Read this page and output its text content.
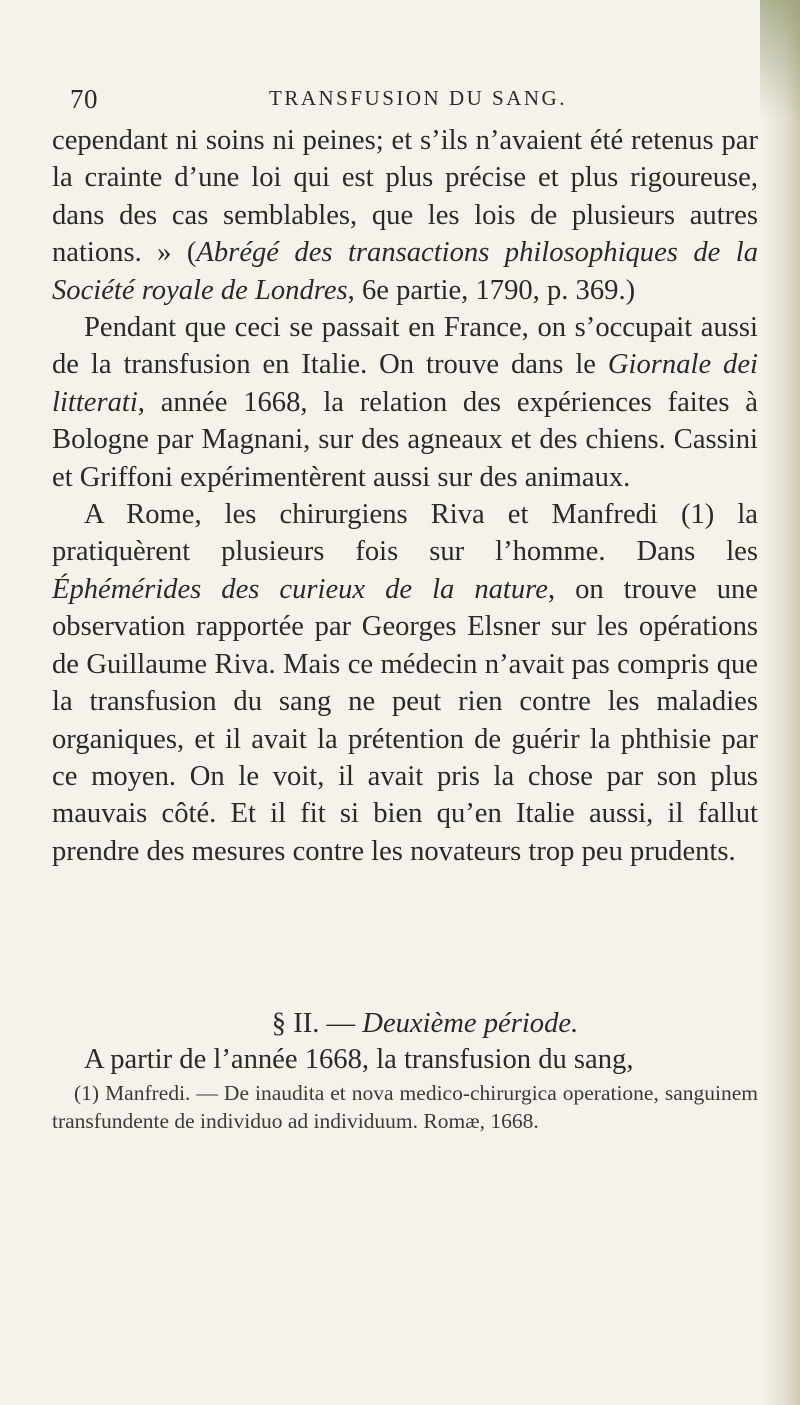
70	TRANSFUSION DU SANG.

cependant ni soins ni peines; et s’ils n’avaient été retenus par la crainte d’une loi qui est plus précise et plus rigoureuse, dans des cas semblables, que les lois de plusieurs autres nations. » (Abrégé des transactions philosophiques de la Société royale de Londres, 6e partie, 1790, p. 369.)

Pendant que ceci se passait en France, on s’occupait aussi de la transfusion en Italie. On trouve dans le Giornale dei litterati, année 1668, la relation des expériences faites à Bologne par Magnani, sur des agneaux et des chiens. Cassini et Griffoni expérimentèrent aussi sur des animaux.

A Rome, les chirurgiens Riva et Manfredi (1) la pratiquèrent plusieurs fois sur l’homme. Dans les Éphémérides des curieux de la nature, on trouve une observation rapportée par Georges Elsner sur les opérations de Guillaume Riva. Mais ce médecin n’avait pas compris que la transfusion du sang ne peut rien contre les maladies organiques, et il avait la prétention de guérir la phthisie par ce moyen. On le voit, il avait pris la chose par son plus mauvais côté. Et il fit si bien qu’en Italie aussi, il fallut prendre des mesures contre les novateurs trop peu prudents.

§ II. — Deuxième période.
A partir de l’année 1668, la transfusion du sang,
(1) Manfredi. — De inaudita et nova medico-chirurgica operatione, sanguinem transfundente de individuo ad individuum. Romæ, 1668.
